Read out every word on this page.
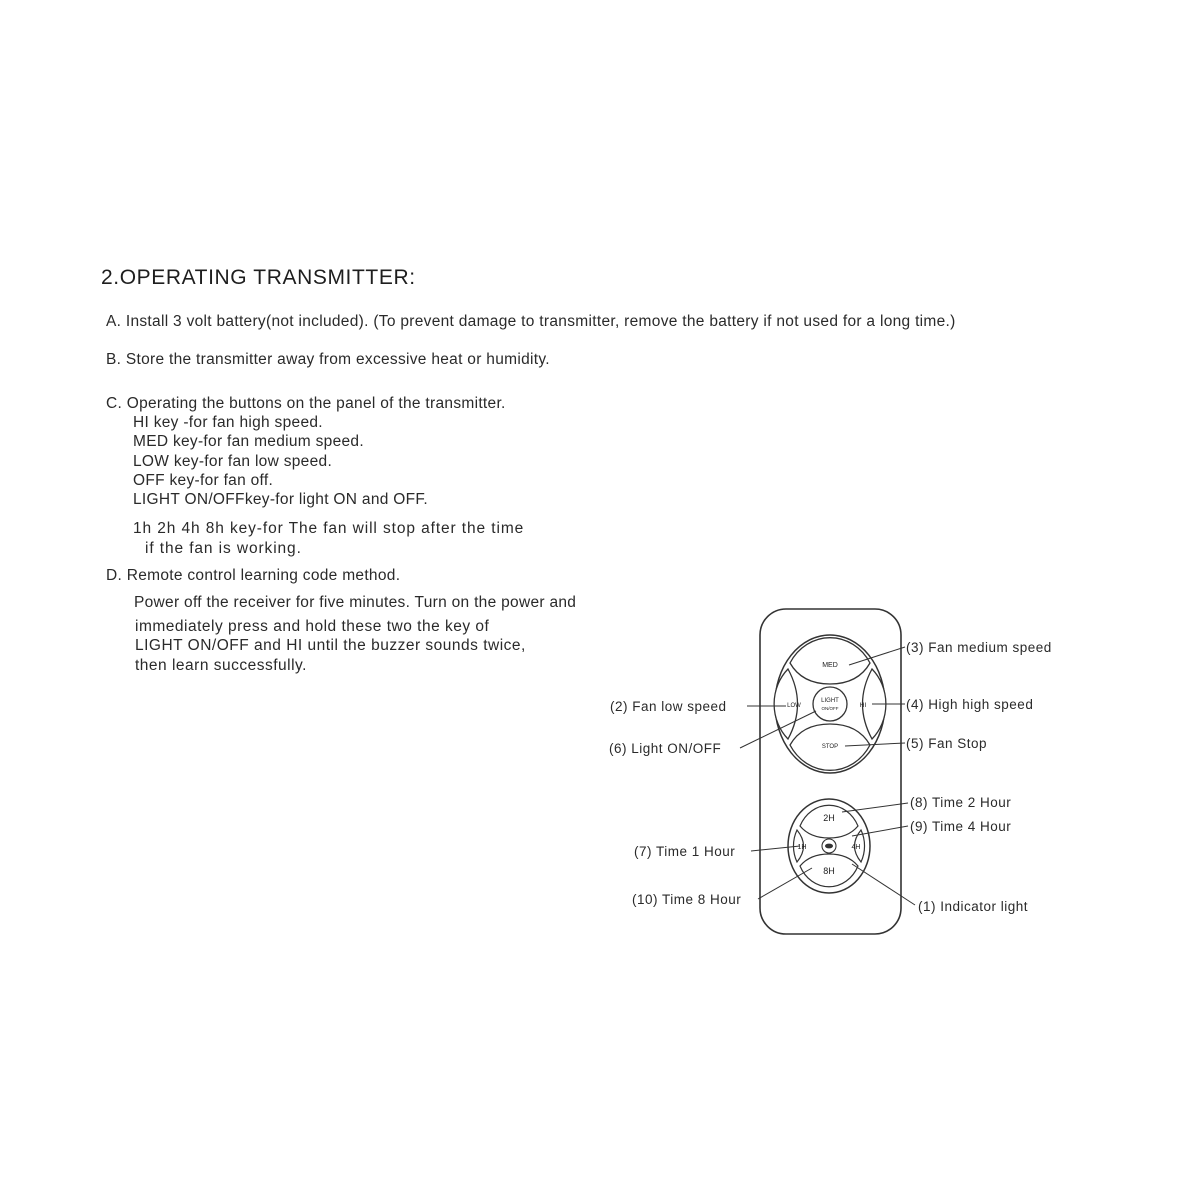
2.OPERATING TRANSMITTER:
A. Install 3 volt battery(not included). (To prevent damage to transmitter, remove the battery if not used for a long time.)
B. Store the transmitter away from excessive heat or humidity.
C. Operating the buttons on the panel of the transmitter.
HI key -for fan high speed.
MED key-for fan medium speed.
LOW key-for fan low speed.
OFF key-for fan off.
LIGHT ON/OFFkey-for light ON and OFF.
1h 2h 4h 8h key-for The fan will stop after the time
if the fan is working.
D. Remote control learning code method.
Power off the receiver for five minutes. Turn on the power and
immediately press and hold these two the key of
LIGHT ON/OFF and HI until the buzzer sounds twice,
then learn successfully.	MED
LOW	HI
LIGHT
ON/OFF
STOP
2H
1H	4H
8H
(3) Fan medium speed
(2) Fan low speed	(4) High high speed
(6) Light ON/OFF	(5) Fan Stop
(8) Time 2 Hour
(9) Time 4 Hour
(7) Time 1 Hour
(10) Time 8 Hour	(1) Indicator light
